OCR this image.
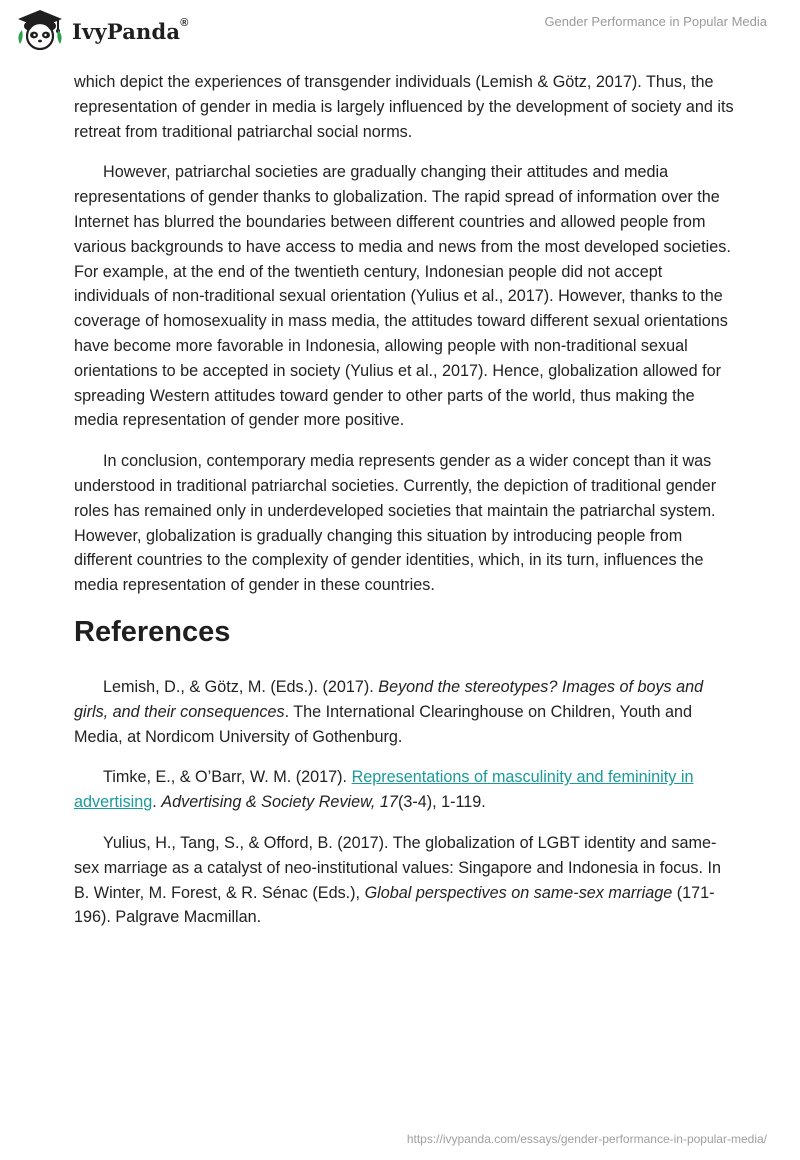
IvyPanda®	Gender Performance in Popular Media

which depict the experiences of transgender individuals (Lemish & Götz, 2017). Thus, the representation of gender in media is largely influenced by the development of society and its retreat from traditional patriarchal social norms.

However, patriarchal societies are gradually changing their attitudes and media representations of gender thanks to globalization. The rapid spread of information over the Internet has blurred the boundaries between different countries and allowed people from various backgrounds to have access to media and news from the most developed societies. For example, at the end of the twentieth century, Indonesian people did not accept individuals of non-traditional sexual orientation (Yulius et al., 2017). However, thanks to the coverage of homosexuality in mass media, the attitudes toward different sexual orientations have become more favorable in Indonesia, allowing people with non-traditional sexual orientations to be accepted in society (Yulius et al., 2017). Hence, globalization allowed for spreading Western attitudes toward gender to other parts of the world, thus making the media representation of gender more positive.

In conclusion, contemporary media represents gender as a wider concept than it was understood in traditional patriarchal societies. Currently, the depiction of traditional gender roles has remained only in underdeveloped societies that maintain the patriarchal system. However, globalization is gradually changing this situation by introducing people from different countries to the complexity of gender identities, which, in its turn, influences the media representation of gender in these countries.

References

Lemish, D., & Götz, M. (Eds.). (2017). Beyond the stereotypes? Images of boys and girls, and their consequences. The International Clearinghouse on Children, Youth and Media, at Nordicom University of Gothenburg.

Timke, E., & O’Barr, W. M. (2017). Representations of masculinity and femininity in advertising. Advertising & Society Review, 17(3-4), 1-119.

Yulius, H., Tang, S., & Offord, B. (2017). The globalization of LGBT identity and same-sex marriage as a catalyst of neo-institutional values: Singapore and Indonesia in focus. In B. Winter, M. Forest, & R. Sénac (Eds.), Global perspectives on same-sex marriage (171-196). Palgrave Macmillan.

https://ivypanda.com/essays/gender-performance-in-popular-media/
